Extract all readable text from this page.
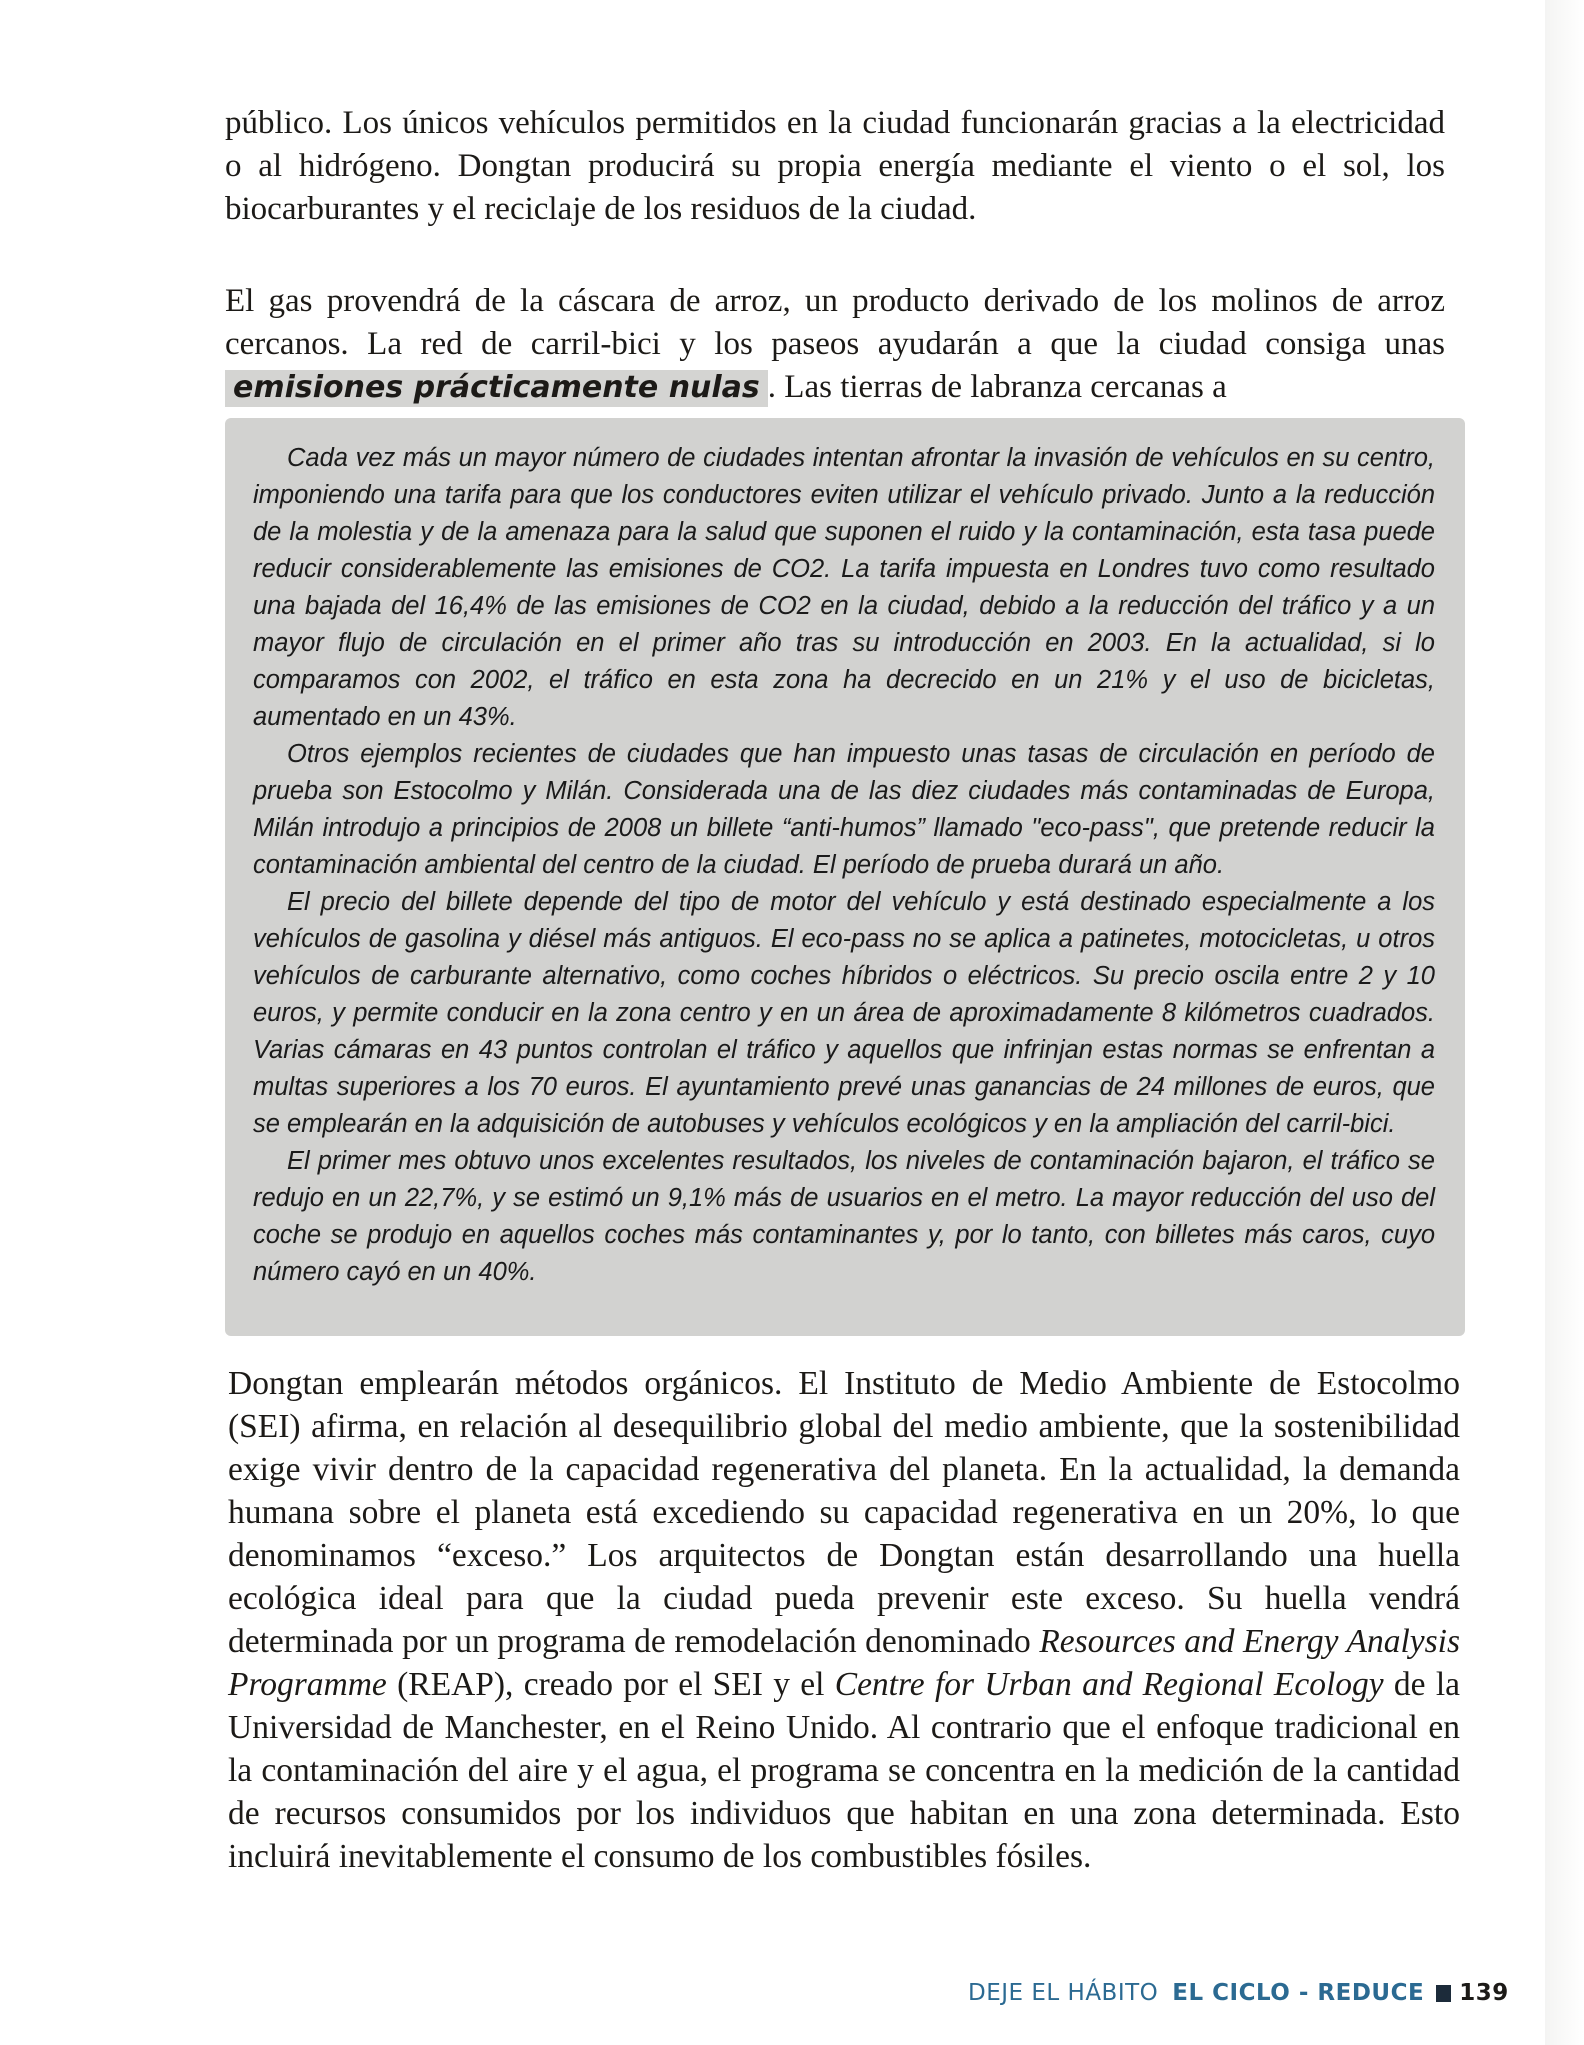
público. Los únicos vehículos permitidos en la ciudad funcionarán gracias a la electricidad o al hidrógeno. Dongtan producirá su propia energía mediante el viento o el sol, los biocarburantes y el reciclaje de los residuos de la ciudad.

El gas provendrá de la cáscara de arroz, un producto derivado de los molinos de arroz cercanos. La red de carril-bici y los paseos ayudarán a que la ciudad consiga unas emisiones prácticamente nulas . Las tierras de labranza cercanas a

Cada vez más un mayor número de ciudades intentan afrontar la invasión de vehículos en su centro, imponiendo una tarifa para que los conductores eviten utilizar el vehículo privado. Junto a la reducción de la molestia y de la amenaza para la salud que suponen el ruido y la contaminación, esta tasa puede reducir considerablemente las emisiones de CO2. La tarifa impuesta en Londres tuvo como resultado una bajada del 16,4% de las emisiones de CO2 en la ciudad, debido a la reducción del tráfico y a un mayor flujo de circulación en el primer año tras su introducción en 2003. En la actualidad, si lo comparamos con 2002, el tráfico en esta zona ha decrecido en un 21% y el uso de bicicletas, aumentado en un 43%.

Otros ejemplos recientes de ciudades que han impuesto unas tasas de circulación en período de prueba son Estocolmo y Milán. Considerada una de las diez ciudades más contaminadas de Europa, Milán introdujo a principios de 2008 un billete “anti-humos” llamado "eco-pass", que pretende reducir la contaminación ambiental del centro de la ciudad. El período de prueba durará un año.

El precio del billete depende del tipo de motor del vehículo y está destinado especialmente a los vehículos de gasolina y diésel más antiguos. El eco-pass no se aplica a patinetes, motocicletas, u otros vehículos de carburante alternativo, como coches híbridos o eléctricos. Su precio oscila entre 2 y 10 euros, y permite conducir en la zona centro y en un área de aproximadamente 8 kilómetros cuadrados. Varias cámaras en 43 puntos controlan el tráfico y aquellos que infrinjan estas normas se enfrentan a multas superiores a los 70 euros. El ayuntamiento prevé unas ganancias de 24 millones de euros, que se emplearán en la adquisición de autobuses y vehículos ecológicos y en la ampliación del carril-bici.

El primer mes obtuvo unos excelentes resultados, los niveles de contaminación bajaron, el tráfico se redujo en un 22,7%, y se estimó un 9,1% más de usuarios en el metro. La mayor reducción del uso del coche se produjo en aquellos coches más contaminantes y, por lo tanto, con billetes más caros, cuyo número cayó en un 40%.

Dongtan emplearán métodos orgánicos. El Instituto de Medio Ambiente de Estocolmo (SEI) afirma, en relación al desequilibrio global del medio ambiente, que la sostenibilidad exige vivir dentro de la capacidad regenerativa del planeta. En la actualidad, la demanda humana sobre el planeta está excediendo su capacidad regenerativa en un 20%, lo que denominamos “exceso.” Los arquitectos de Dongtan están desarrollando una huella ecológica ideal para que la ciudad pueda prevenir este exceso. Su huella vendrá determinada por un programa de remodelación denominado Resources and Energy Analysis Programme (REAP), creado por el SEI y el Centre for Urban and Regional Ecology de la Universidad de Manchester, en el Reino Unido. Al contrario que el enfoque tradicional en la contaminación del aire y el agua, el programa se concentra en la medición de la cantidad de recursos consumidos por los individuos que habitan en una zona determinada. Esto incluirá inevitablemente el consumo de los combustibles fósiles.

DEJE EL HÁBITO EL CICLO - REDUCE 139
